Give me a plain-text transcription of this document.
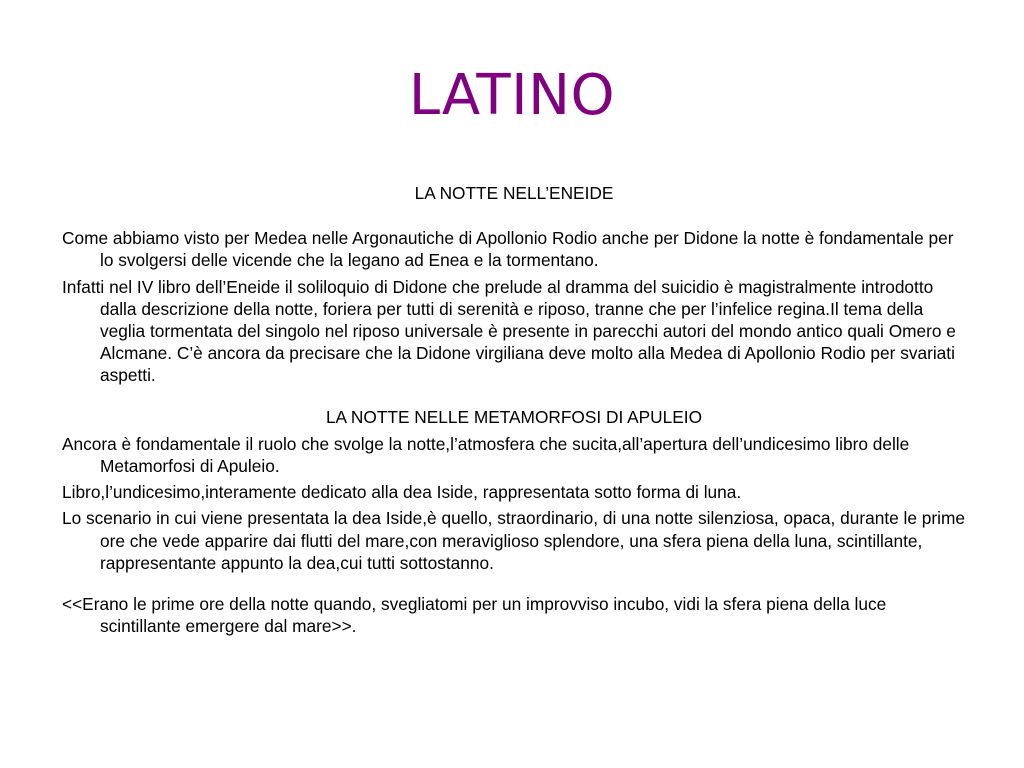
LATINO
LA NOTTE NELL’ENEIDE

Come abbiamo visto per Medea nelle Argonautiche di Apollonio Rodio anche per Didone la notte è fondamentale per lo svolgersi delle vicende che la legano ad Enea e la tormentano.

Infatti nel IV libro dell’Eneide il soliloquio di Didone che prelude al dramma del suicidio è magistralmente introdotto dalla descrizione della notte, foriera per tutti di serenità e riposo, tranne che per l’infelice regina.Il tema della veglia tormentata del singolo nel riposo universale è presente in parecchi autori del mondo antico quali Omero e Alcmane. C’è ancora da precisare che la Didone virgiliana deve molto alla Medea di Apollonio Rodio per svariati aspetti.

LA NOTTE NELLE METAMORFOSI DI APULEIO

Ancora è fondamentale il ruolo che svolge la notte,l’atmosfera che sucita,all’apertura dell’undicesimo libro delle Metamorfosi di Apuleio.

Libro,l’undicesimo,interamente dedicato alla dea Iside, rappresentata sotto forma di luna.

Lo scenario in cui viene presentata la dea Iside,è quello, straordinario, di una notte silenziosa, opaca, durante le prime ore che vede apparire dai flutti del mare,con meraviglioso splendore, una sfera piena della luna, scintillante, rappresentante appunto la dea,cui tutti sottostanno.

<<Erano le prime ore della notte quando, svegliatomi per un improvviso incubo, vidi la sfera piena della luce scintillante emergere dal mare>>.
